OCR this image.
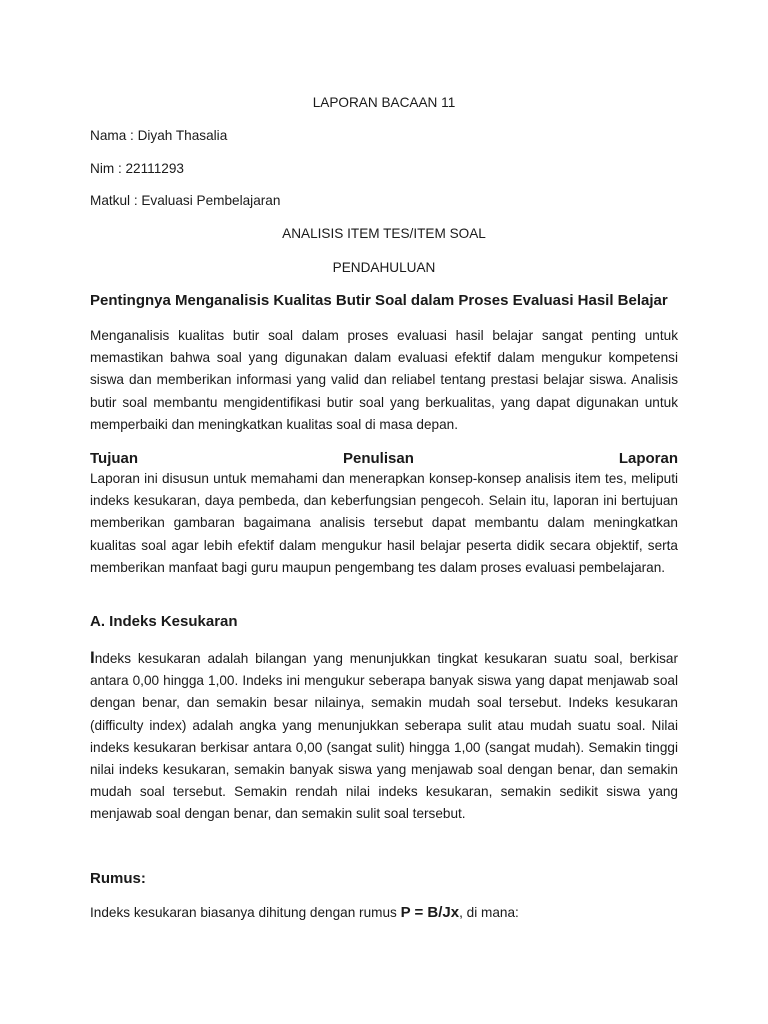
LAPORAN BACAAN 11
Nama : Diyah Thasalia
Nim : 22111293
Matkul : Evaluasi Pembelajaran
ANALISIS ITEM TES/ITEM SOAL
PENDAHULUAN
Pentingnya Menganalisis Kualitas Butir Soal dalam Proses Evaluasi Hasil Belajar

Menganalisis kualitas butir soal dalam proses evaluasi hasil belajar sangat penting untuk memastikan bahwa soal yang digunakan dalam evaluasi efektif dalam mengukur kompetensi siswa dan memberikan informasi yang valid dan reliabel tentang prestasi belajar siswa. Analisis butir soal membantu mengidentifikasi butir soal yang berkualitas, yang dapat digunakan untuk memperbaiki dan meningkatkan kualitas soal di masa depan.

Tujuan	Penulisan	Laporan

Laporan ini disusun untuk memahami dan menerapkan konsep-konsep analisis item tes, meliputi indeks kesukaran, daya pembeda, dan keberfungsian pengecoh. Selain itu, laporan ini bertujuan memberikan gambaran bagaimana analisis tersebut dapat membantu dalam meningkatkan kualitas soal agar lebih efektif dalam mengukur hasil belajar peserta didik secara objektif, serta memberikan manfaat bagi guru maupun pengembang tes dalam proses evaluasi pembelajaran.

A. Indeks Kesukaran

Indeks kesukaran adalah bilangan yang menunjukkan tingkat kesukaran suatu soal, berkisar antara 0,00 hingga 1,00. Indeks ini mengukur seberapa banyak siswa yang dapat menjawab soal dengan benar, dan semakin besar nilainya, semakin mudah soal tersebut. Indeks kesukaran (difficulty index) adalah angka yang menunjukkan seberapa sulit atau mudah suatu soal. Nilai indeks kesukaran berkisar antara 0,00 (sangat sulit) hingga 1,00 (sangat mudah). Semakin tinggi nilai indeks kesukaran, semakin banyak siswa yang menjawab soal dengan benar, dan semakin mudah soal tersebut. Semakin rendah nilai indeks kesukaran, semakin sedikit siswa yang menjawab soal dengan benar, dan semakin sulit soal tersebut.

Rumus:
Indeks kesukaran biasanya dihitung dengan rumus P = B/Jx, di mana:
